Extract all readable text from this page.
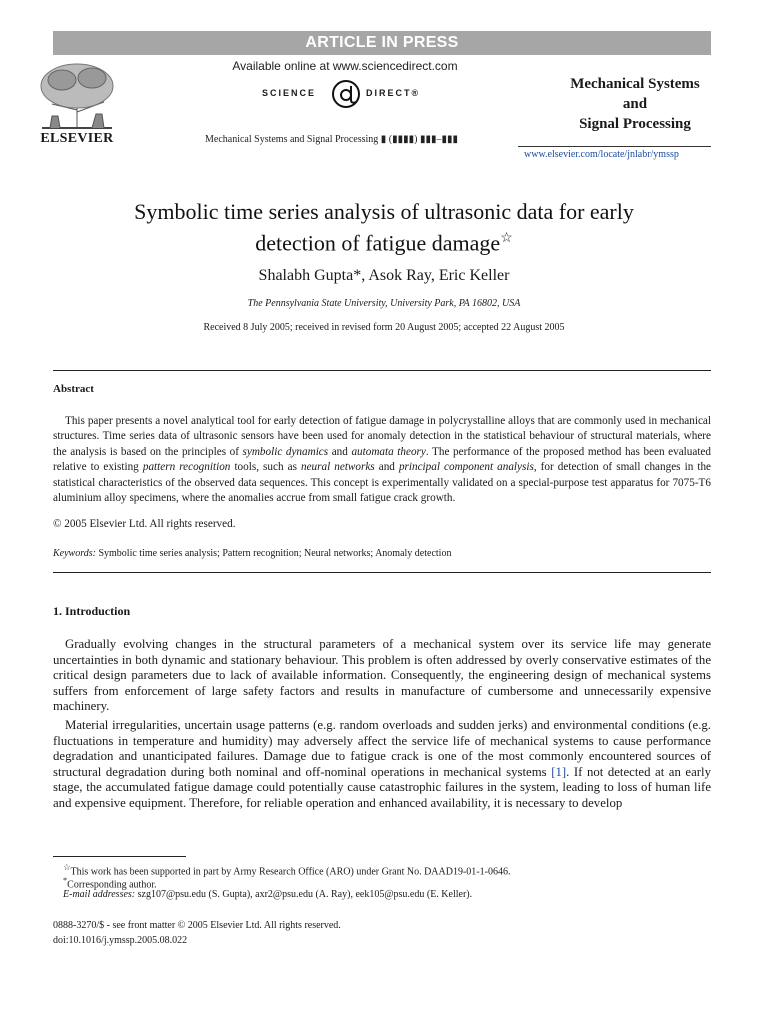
ARTICLE IN PRESS
ELSEVIER
Available online at www.sciencedirect.com
SCIENCE	DIRECT®
Mechanical Systems and Signal Processing ▮ (▮▮▮▮) ▮▮▮–▮▮▮
Mechanical Systems
and
Signal Processing
www.elsevier.com/locate/jnlabr/ymssp
Symbolic time series analysis of ultrasonic data for early
detection of fatigue damage☆
Shalabh Gupta*, Asok Ray, Eric Keller
The Pennsylvania State University, University Park, PA 16802, USA
Received 8 July 2005; received in revised form 20 August 2005; accepted 22 August 2005
Abstract
This paper presents a novel analytical tool for early detection of fatigue damage in polycrystalline alloys that are commonly used in mechanical structures. Time series data of ultrasonic sensors have been used for anomaly detection in the statistical behaviour of structural materials, where the analysis is based on the principles of symbolic dynamics and automata theory. The performance of the proposed method has been evaluated relative to existing pattern recognition tools, such as neural networks and principal component analysis, for detection of small changes in the statistical characteristics of the observed data sequences. This concept is experimentally validated on a special-purpose test apparatus for 7075-T6 aluminium alloy specimens, where the anomalies accrue from small fatigue crack growth.
© 2005 Elsevier Ltd. All rights reserved.
Keywords: Symbolic time series analysis; Pattern recognition; Neural networks; Anomaly detection
1. Introduction
Gradually evolving changes in the structural parameters of a mechanical system over its service life may generate uncertainties in both dynamic and stationary behaviour. This problem is often addressed by overly conservative estimates of the critical design parameters due to lack of available information. Consequently, the engineering design of mechanical systems suffers from enforcement of large safety factors and results in manufacture of cumbersome and unnecessarily expensive machinery.
Material irregularities, uncertain usage patterns (e.g. random overloads and sudden jerks) and environmental conditions (e.g. fluctuations in temperature and humidity) may adversely affect the service life of mechanical systems to cause performance degradation and unanticipated failures. Damage due to fatigue crack is one of the most commonly encountered sources of structural degradation during both nominal and off-nominal operations in mechanical systems [1]. If not detected at an early stage, the accumulated fatigue damage could potentially cause catastrophic failures in the system, leading to loss of human life and expensive equipment. Therefore, for reliable operation and enhanced availability, it is necessary to develop
☆This work has been supported in part by Army Research Office (ARO) under Grant No. DAAD19-01-1-0646.
*Corresponding author.
E-mail addresses: szg107@psu.edu (S. Gupta), axr2@psu.edu (A. Ray), eek105@psu.edu (E. Keller).
0888-3270/$ - see front matter © 2005 Elsevier Ltd. All rights reserved.
doi:10.1016/j.ymssp.2005.08.022
